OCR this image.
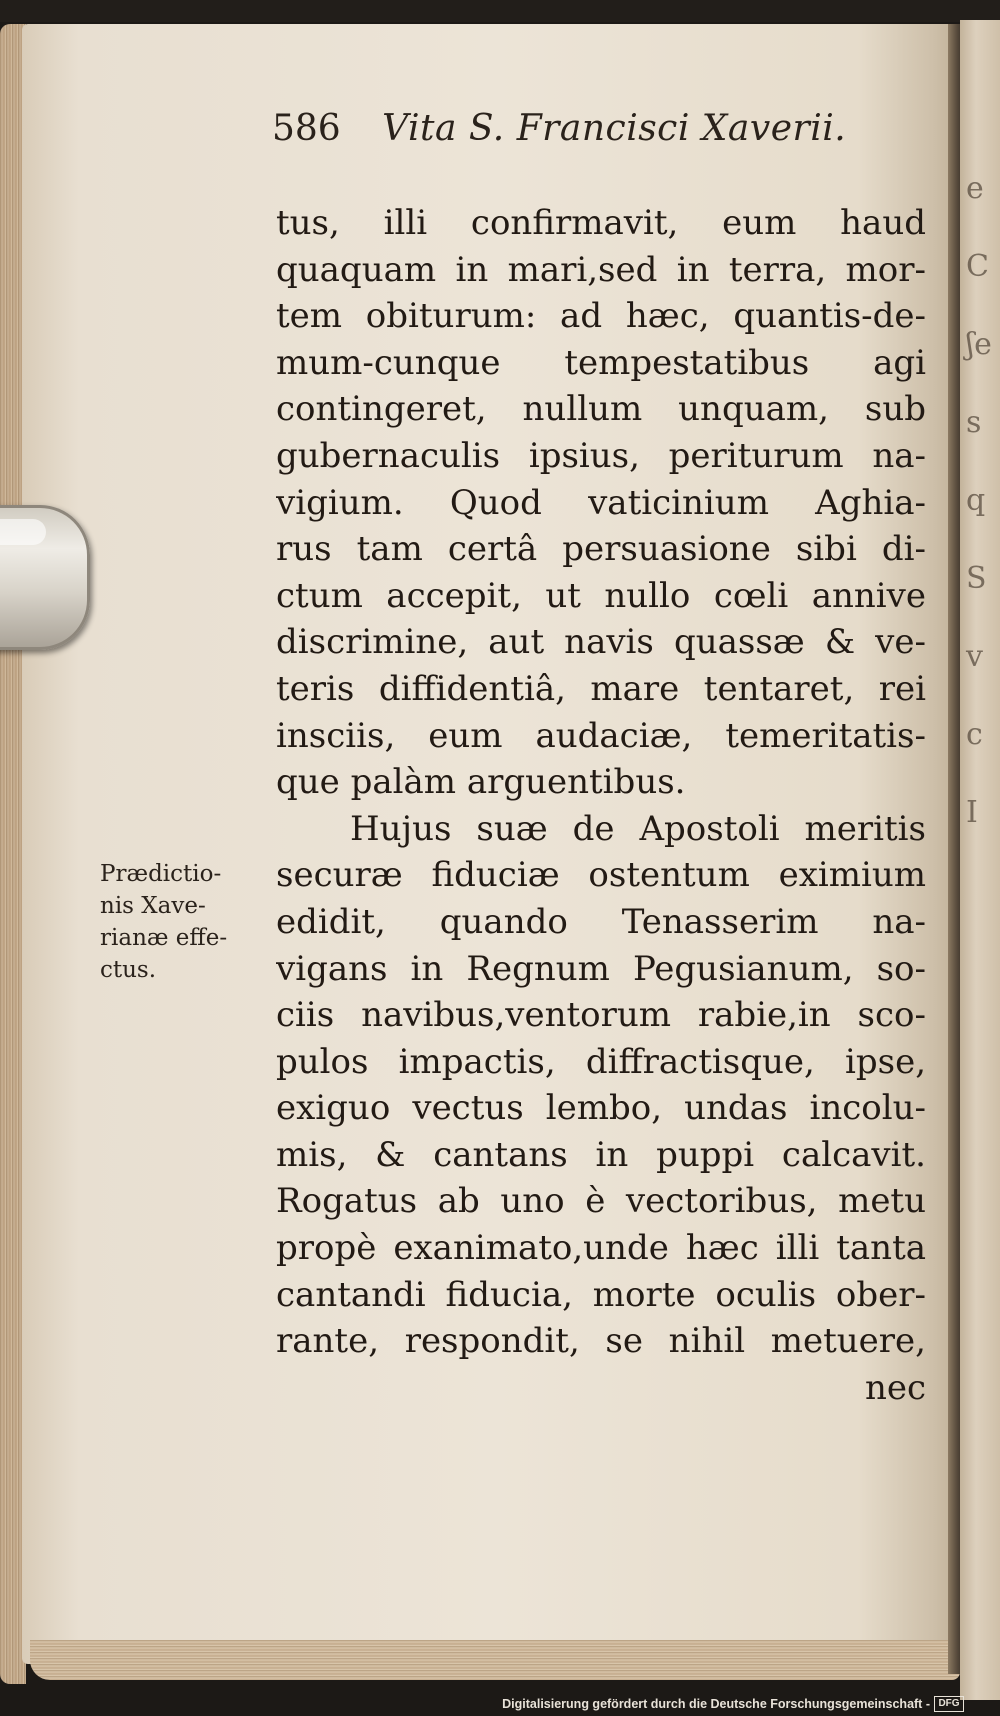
e
C
ʃe
s
q
S
v
c
I
586 Vita S. Francisci Xaverii.
Prædictio-
nis Xave-
rianæ effe-
ctus.
tus, illi confirmavit, eum haud
quaquam in mari,sed in terra, mor-
tem obiturum: ad hæc, quantis-de-
mum-cunque tempestatibus agi
contingeret, nullum unquam, sub
gubernaculis ipsius, periturum na-
vigium. Quod vaticinium Aghia-
rus tam certâ persuasione sibi di-
ctum accepit, ut nullo cœli annive
discrimine, aut navis quassæ & ve-
teris diffidentiâ, mare tentaret, rei
insciis, eum audaciæ, temeritatis-
que palàm arguentibus.
Hujus suæ de Apostoli meritis
securæ fiduciæ ostentum eximium
edidit, quando Tenasserim na-
vigans in Regnum Pegusianum, so-
ciis navibus,ventorum rabie,in sco-
pulos impactis, diffractisque, ipse,
exiguo vectus lembo, undas incolu-
mis, & cantans in puppi calcavit.
Rogatus ab uno è vectoribus, metu
propè exanimato,unde hæc illi tanta
cantandi fiducia, morte oculis ober-
rante, respondit, se nihil metuere,
nec
Digitalisierung gefördert durch die Deutsche Forschungsgemeinschaft - DFG
